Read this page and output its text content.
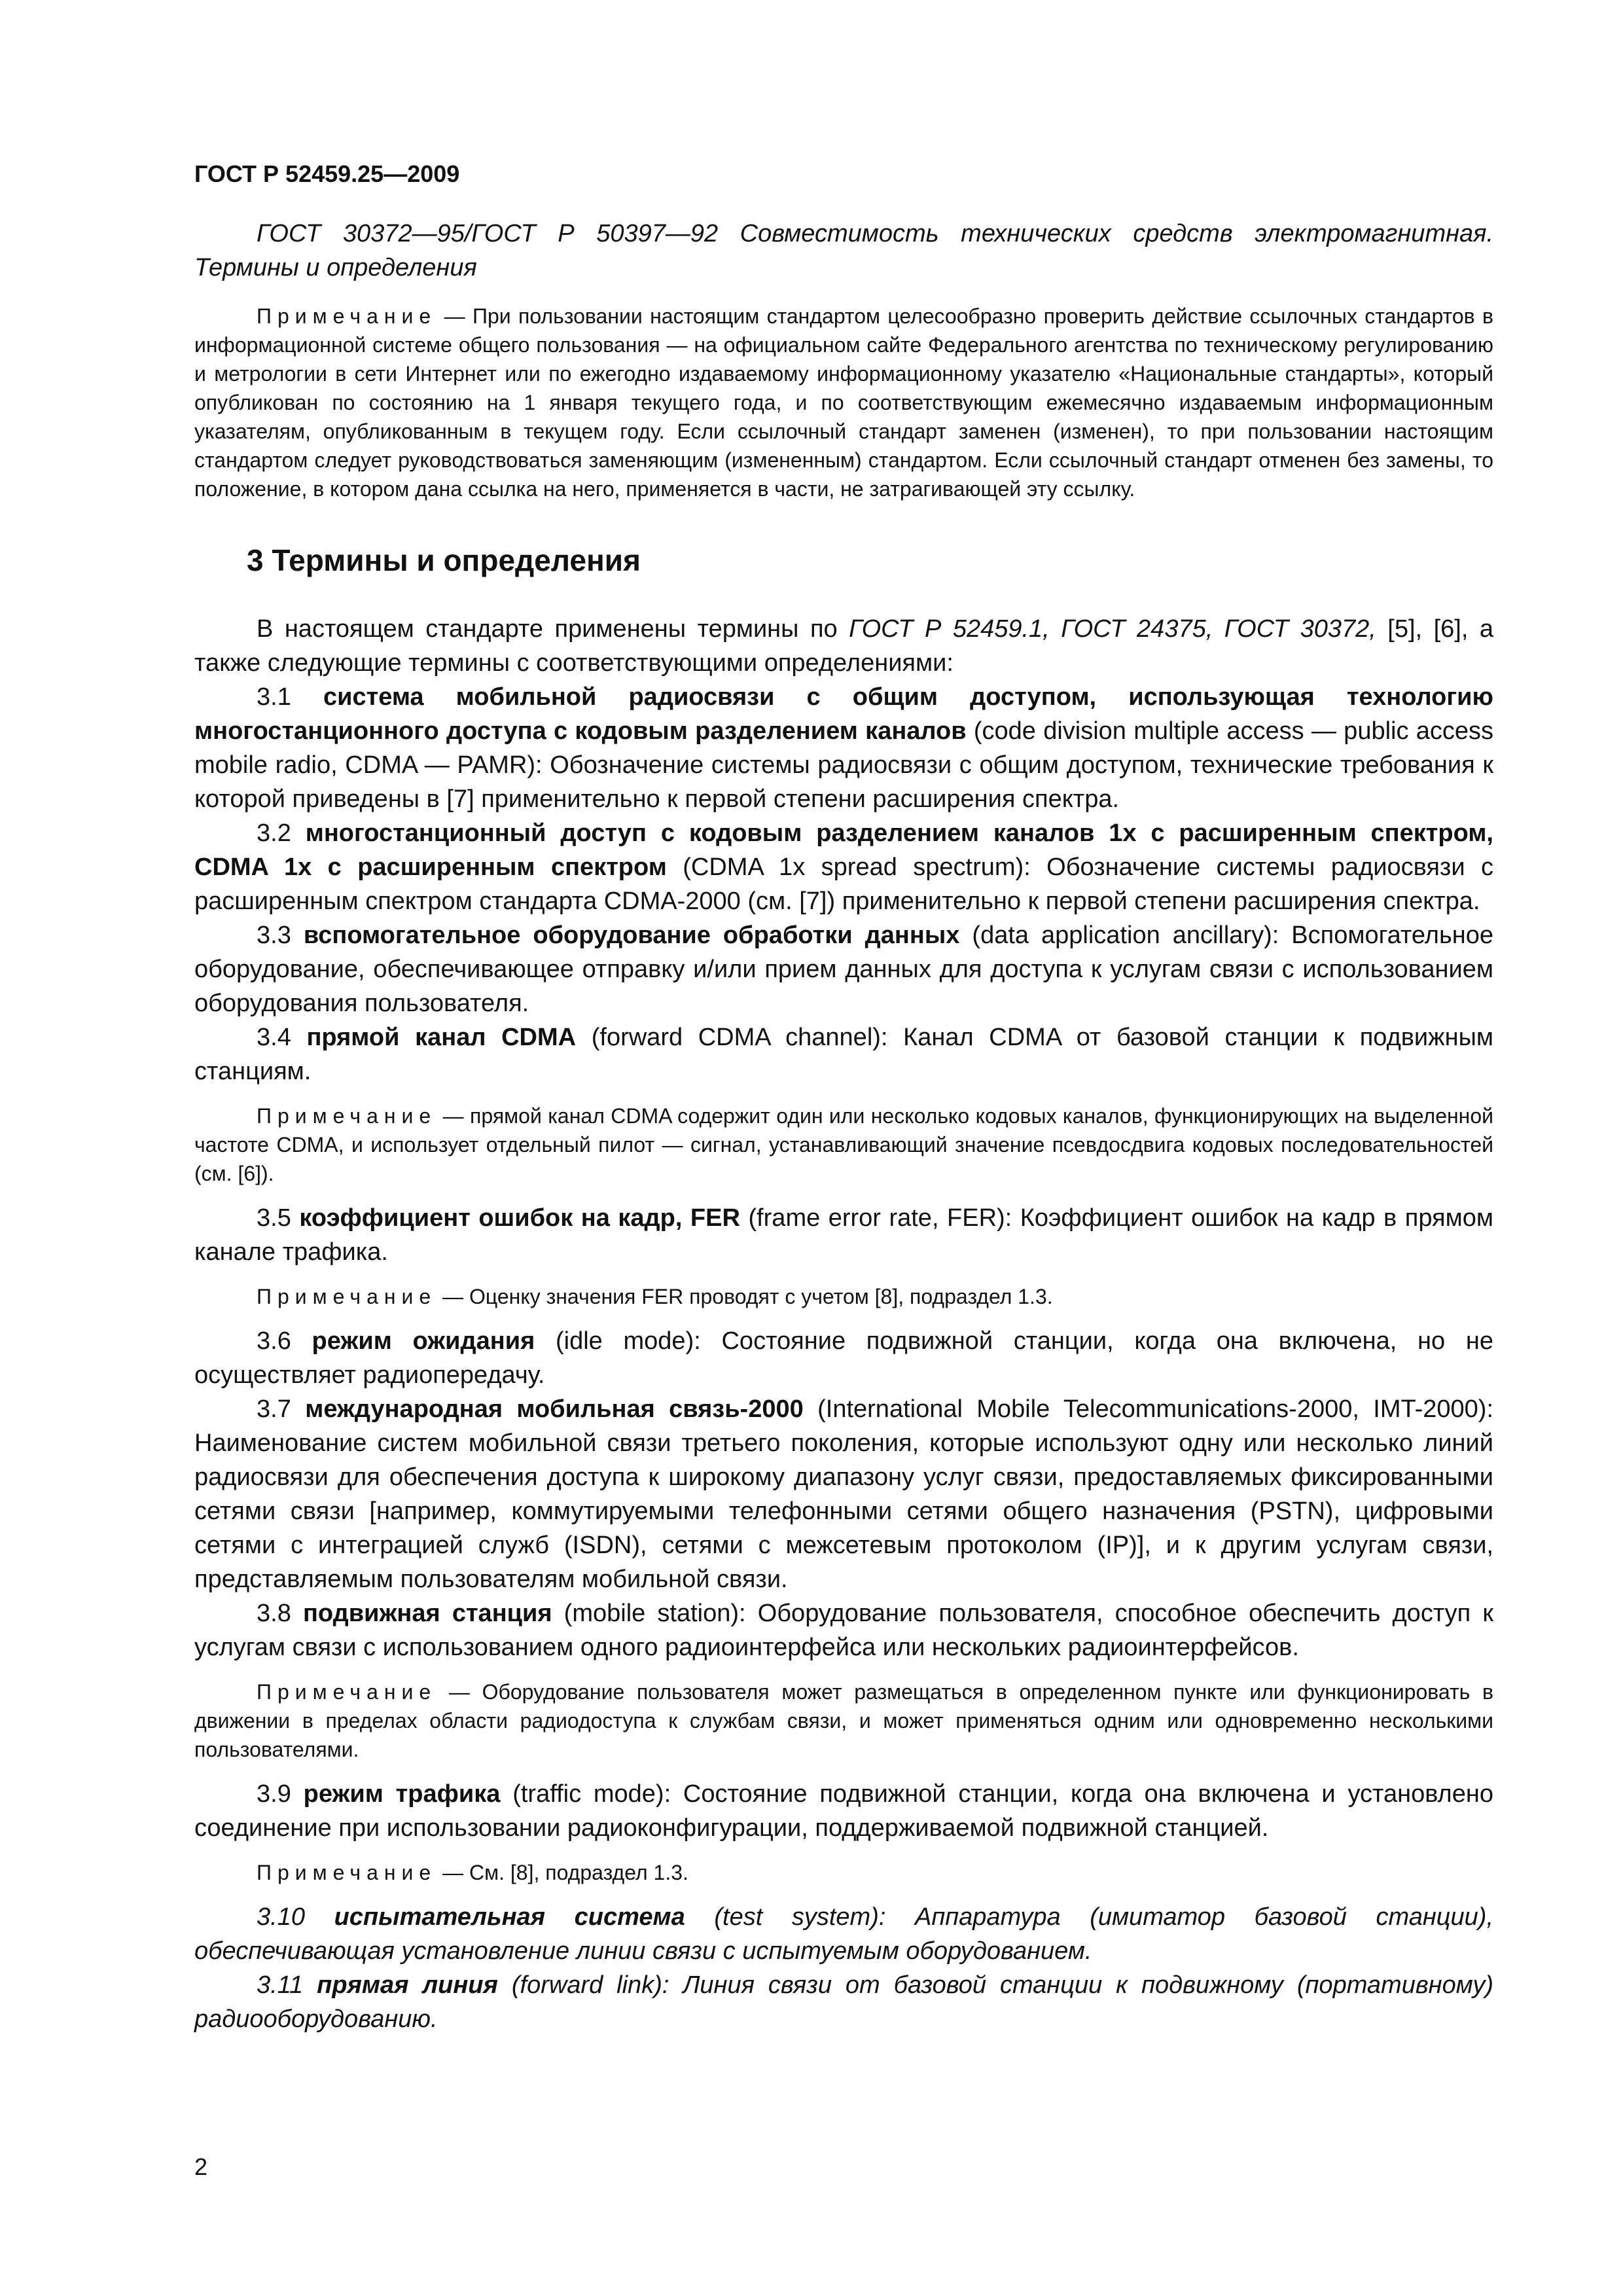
ГОСТ Р 52459.25—2009

ГОСТ 30372—95/ГОСТ Р 50397—92 Совместимость технических средств электромагнитная. Термины и определения

Примечание — При пользовании настоящим стандартом целесообразно проверить действие ссылочных стандартов в информационной системе общего пользования — на официальном сайте Федерального агентства по техническому регулированию и метрологии в сети Интернет или по ежегодно издаваемому информационному указателю «Национальные стандарты», который опубликован по состоянию на 1 января текущего года, и по соответствующим ежемесячно издаваемым информационным указателям, опубликованным в текущем году. Если ссылочный стандарт заменен (изменен), то при пользовании настоящим стандартом следует руководствоваться заменяющим (измененным) стандартом. Если ссылочный стандарт отменен без замены, то положение, в котором дана ссылка на него, применяется в части, не затрагивающей эту ссылку.

3 Термины и определения

В настоящем стандарте применены термины по ГОСТ Р 52459.1, ГОСТ 24375, ГОСТ 30372, [5], [6], а также следующие термины с соответствующими определениями:

3.1 система мобильной радиосвязи с общим доступом, использующая технологию многостанционного доступа с кодовым разделением каналов (code division multiple access — public access mobile radio, CDMA — PAMR): Обозначение системы радиосвязи с общим доступом, технические требования к которой приведены в [7] применительно к первой степени расширения спектра.

3.2 многостанционный доступ с кодовым разделением каналов 1x с расширенным спектром, CDMA 1x с расширенным спектром (CDMA 1x spread spectrum): Обозначение системы радиосвязи с расширенным спектром стандарта CDMA-2000 (см. [7]) применительно к первой степени расширения спектра.

3.3 вспомогательное оборудование обработки данных (data application ancillary): Вспомогательное оборудование, обеспечивающее отправку и/или прием данных для доступа к услугам связи с использованием оборудования пользователя.

3.4 прямой канал CDMA (forward CDMA channel): Канал CDMA от базовой станции к подвижным станциям.

Примечание — прямой канал CDMA содержит один или несколько кодовых каналов, функционирующих на выделенной частоте CDMA, и использует отдельный пилот — сигнал, устанавливающий значение псевдосдвига кодовых последовательностей (см. [6]).

3.5 коэффициент ошибок на кадр, FER (frame error rate, FER): Коэффициент ошибок на кадр в прямом канале трафика.

Примечание — Оценку значения FER проводят с учетом [8], подраздел 1.3.

3.6 режим ожидания (idle mode): Состояние подвижной станции, когда она включена, но не осуществляет радиопередачу.

3.7 международная мобильная связь-2000 (International Mobile Telecommunications-2000, IMT-2000): Наименование систем мобильной связи третьего поколения, которые используют одну или несколько линий радиосвязи для обеспечения доступа к широкому диапазону услуг связи, предоставляемых фиксированными сетями связи [например, коммутируемыми телефонными сетями общего назначения (PSTN), цифровыми сетями с интеграцией служб (ISDN), сетями с межсетевым протоколом (IP)], и к другим услугам связи, представляемым пользователям мобильной связи.

3.8 подвижная станция (mobile station): Оборудование пользователя, способное обеспечить доступ к услугам связи с использованием одного радиоинтерфейса или нескольких радиоинтерфейсов.

Примечание — Оборудование пользователя может размещаться в определенном пункте или функционировать в движении в пределах области радиодоступа к службам связи, и может применяться одним или одновременно несколькими пользователями.

3.9 режим трафика (traffic mode): Состояние подвижной станции, когда она включена и установлено соединение при использовании радиоконфигурации, поддерживаемой подвижной станцией.

Примечание — См. [8], подраздел 1.3.

3.10 испытательная система (test system): Аппаратура (имитатор базовой станции), обеспечивающая установление линии связи с испытуемым оборудованием.

3.11 прямая линия (forward link): Линия связи от базовой станции к подвижному (портативному) радиооборудованию.

2
